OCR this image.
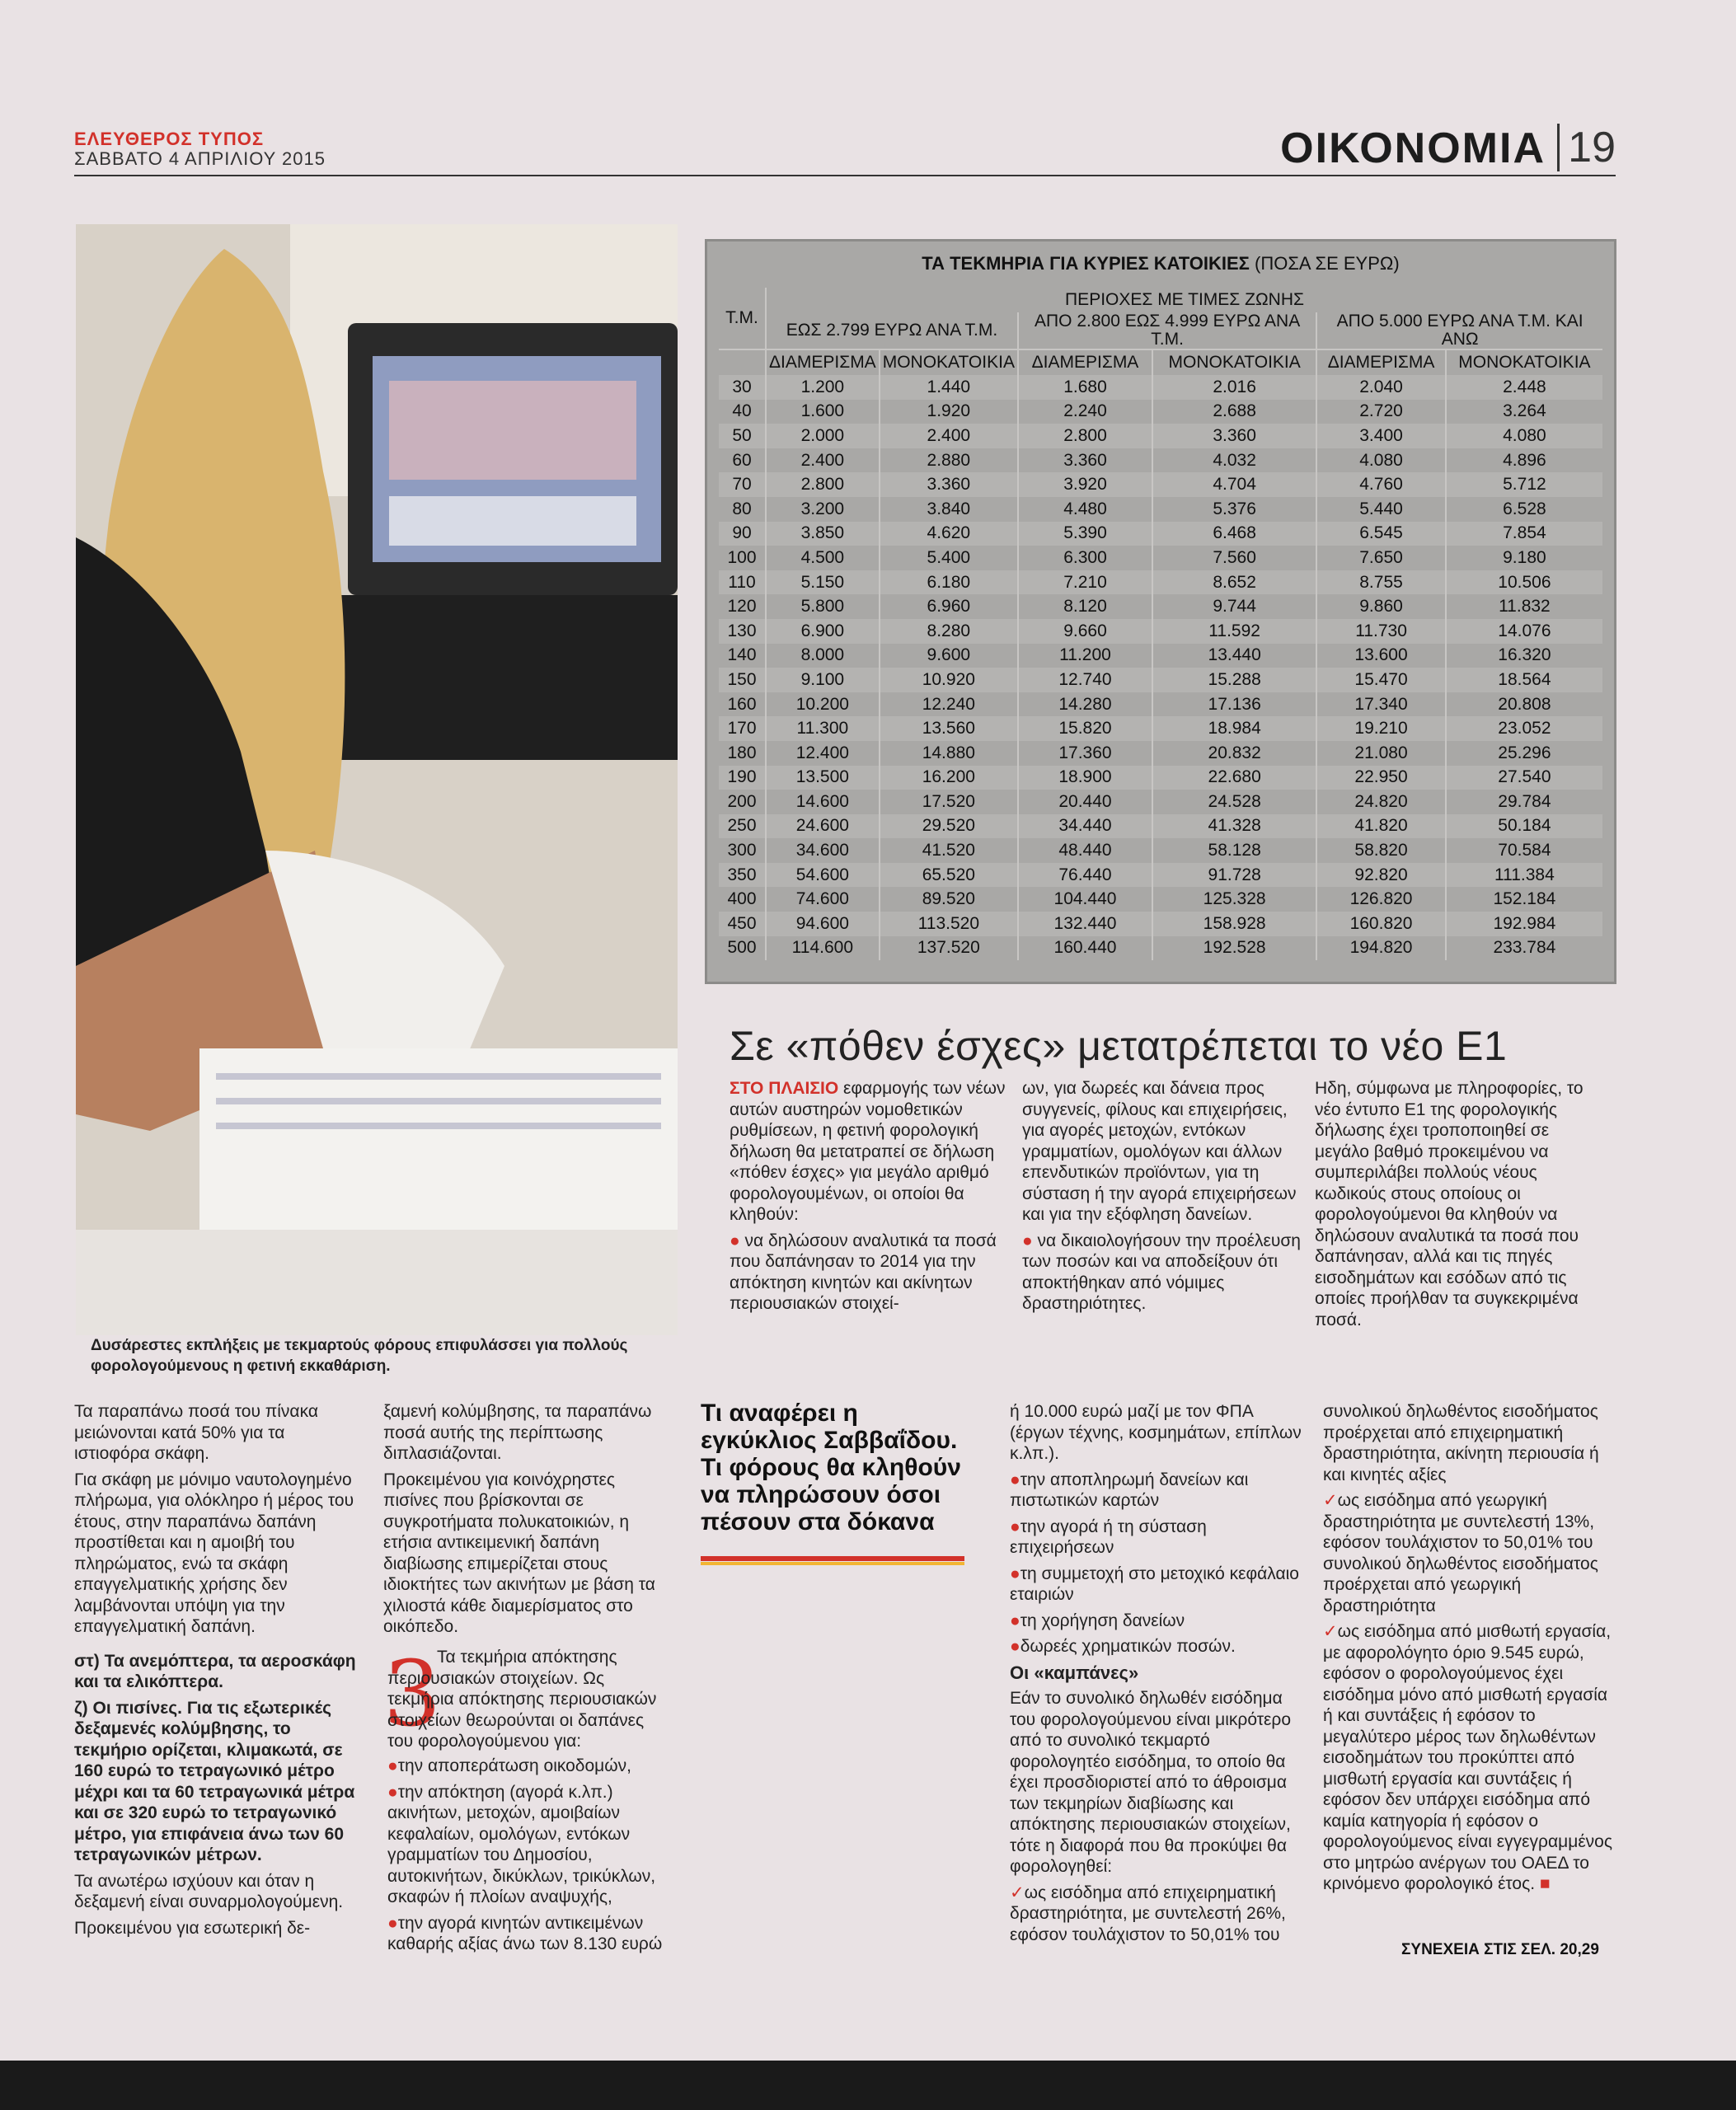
ΕΛΕΥΘΕΡΟΣ ΤΥΠΟΣ
ΣΑΒΒΑΤΟ 4 ΑΠΡΙΛΙΟΥ 2015	ΟΙΚΟΝΟΜΙΑ 19
Δυσάρεστες εκπλήξεις με τεκμαρτούς φόρους επιφυλάσσει για πολλούς φορολογούμενους η φετινή εκκαθάριση.
ΤΑ ΤΕΚΜΗΡΙΑ ΓΙΑ ΚΥΡΙΕΣ ΚΑΤΟΙΚΙΕΣ (ΠΟΣΑ ΣΕ ΕΥΡΩ)
Τ.Μ.	ΠΕΡΙΟΧΕΣ ΜΕ ΤΙΜΕΣ ΖΩΝΗΣ					
	ΕΩΣ 2.799 ΕΥΡΩ ΑΝΑ Τ.Μ.		ΑΠΟ 2.800 ΕΩΣ 4.999 ΕΥΡΩ ΑΝΑ Τ.Μ.		ΑΠΟ 5.000 ΕΥΡΩ ΑΝΑ Τ.Μ. ΚΑΙ ΑΝΩ	
	ΔΙΑΜΕΡΙΣΜΑ	ΜΟΝΟΚΑΤΟΙΚΙΑ	ΔΙΑΜΕΡΙΣΜΑ	ΜΟΝΟΚΑΤΟΙΚΙΑ	ΔΙΑΜΕΡΙΣΜΑ	ΜΟΝΟΚΑΤΟΙΚΙΑ
30	1.200	1.440	1.680	2.016	2.040	2.448
40	1.600	1.920	2.240	2.688	2.720	3.264
50	2.000	2.400	2.800	3.360	3.400	4.080
60	2.400	2.880	3.360	4.032	4.080	4.896
70	2.800	3.360	3.920	4.704	4.760	5.712
80	3.200	3.840	4.480	5.376	5.440	6.528
90	3.850	4.620	5.390	6.468	6.545	7.854
100	4.500	5.400	6.300	7.560	7.650	9.180
110	5.150	6.180	7.210	8.652	8.755	10.506
120	5.800	6.960	8.120	9.744	9.860	11.832
130	6.900	8.280	9.660	11.592	11.730	14.076
140	8.000	9.600	11.200	13.440	13.600	16.320
150	9.100	10.920	12.740	15.288	15.470	18.564
160	10.200	12.240	14.280	17.136	17.340	20.808
170	11.300	13.560	15.820	18.984	19.210	23.052
180	12.400	14.880	17.360	20.832	21.080	25.296
190	13.500	16.200	18.900	22.680	22.950	27.540
200	14.600	17.520	20.440	24.528	24.820	29.784
250	24.600	29.520	34.440	41.328	41.820	50.184
300	34.600	41.520	48.440	58.128	58.820	70.584
350	54.600	65.520	76.440	91.728	92.820	111.384
400	74.600	89.520	104.440	125.328	126.820	152.184
450	94.600	113.520	132.440	158.928	160.820	192.984
500	114.600	137.520	160.440	192.528	194.820	233.784
Σε «πόθεν έσχες» μετατρέπεται το νέο Ε1

ΣΤΟ ΠΛΑΙΣΙΟ εφαρμογής των νέων αυτών αυστηρών νομοθετικών ρυθμίσεων, η φετινή φορολογική δήλωση θα μετατραπεί σε δήλωση «πόθεν έσχες» για μεγάλο αριθμό φορολογουμένων, οι οποίοι θα κληθούν:

● να δηλώσουν αναλυτικά τα ποσά που δαπάνησαν το 2014 για την απόκτηση κινητών και ακίνητων περιουσιακών στοιχεί-

ων, για δωρεές και δάνεια προς συγγενείς, φίλους και επιχειρήσεις, για αγορές μετοχών, εντόκων γραμματίων, ομολόγων και άλλων επενδυτικών προϊόντων, για τη σύσταση ή την αγορά επιχειρήσεων και για την εξόφληση δανείων.

● να δικαιολογήσουν την προέλευση των ποσών και να αποδείξουν ότι αποκτήθηκαν από νόμιμες δραστηριότητες.

Ηδη, σύμφωνα με πληροφορίες, το νέο έντυπο Ε1 της φορολογικής δήλωσης έχει τροποποιηθεί σε μεγάλο βαθμό προκειμένου να συμπεριλάβει πολλούς νέους κωδικούς στους οποίους οι φορολογούμενοι θα κληθούν να δηλώσουν αναλυτικά τα ποσά που δαπάνησαν, αλλά και τις πηγές εισοδημάτων και εσόδων από τις οποίες προήλθαν τα συγκεκριμένα ποσά.

Τα παραπάνω ποσά του πίνακα μειώνονται κατά 50% για τα ιστιοφόρα σκάφη.

Για σκάφη με μόνιμο ναυτολογημένο πλήρωμα, για ολόκληρο ή μέρος του έτους, στην παραπάνω δαπάνη προστίθεται και η αμοιβή του πληρώματος, ενώ τα σκάφη επαγγελματικής χρήσης δεν λαμβάνονται υπόψη για την επαγγελματική δαπάνη.

στ) Τα ανεμόπτερα, τα αεροσκάφη και τα ελικόπτερα.

ζ) Οι πισίνες. Για τις εξωτερικές δεξαμενές κολύμβησης, το τεκμήριο ορίζεται, κλιμακωτά, σε 160 ευρώ το τετραγωνικό μέτρο μέχρι και τα 60 τετραγωνικά μέτρα και σε 320 ευρώ το τετραγωνικό μέτρο, για επιφάνεια άνω των 60 τετραγωνικών μέτρων.

Τα ανωτέρω ισχύουν και όταν η δεξαμενή είναι συναρμολογούμενη.

Προκειμένου για εσωτερική δε-

ξαμενή κολύμβησης, τα παραπάνω ποσά αυτής της περίπτωσης διπλασιάζονται.

Προκειμένου για κοινόχρηστες πισίνες που βρίσκονται σε συγκροτήματα πολυκατοικιών, η ετήσια αντικειμενική δαπάνη διαβίωσης επιμερίζεται στους ιδιοκτήτες των ακινήτων με βάση τα χιλιοστά κάθε διαμερίσματος στο οικόπεδο.

3

Τα τεκμήρια απόκτησης περιουσιακών στοιχείων. Ως τεκμήρια απόκτησης περιουσιακών στοιχείων θεωρούνται οι δαπάνες του φορολογούμενου για:

●την αποπεράτωση οικοδομών,

●την απόκτηση (αγορά κ.λπ.) ακινήτων, μετοχών, αμοιβαίων κεφαλαίων, ομολόγων, εντόκων γραμματίων του Δημοσίου, αυτοκινήτων, δικύκλων, τρικύκλων, σκαφών ή πλοίων αναψυχής,

●την αγορά κινητών αντικειμένων καθαρής αξίας άνω των 8.130 ευρώ

Τι αναφέρει η εγκύκλιος Σαββαΐδου. Τι φόρους θα κληθούν να πληρώσουν όσοι πέσουν στα δόκανα

ή 10.000 ευρώ μαζί με τον ΦΠΑ (έργων τέχνης, κοσμημάτων, επίπλων κ.λπ.).

●την αποπληρωμή δανείων και πιστωτικών καρτών

●την αγορά ή τη σύσταση επιχειρήσεων

●τη συμμετοχή στο μετοχικό κεφάλαιο εταιριών

●τη χορήγηση δανείων

●δωρεές χρηματικών ποσών.

Οι «καμπάνες»

Εάν το συνολικό δηλωθέν εισόδημα του φορολογούμενου είναι μικρότερο από το συνολικό τεκμαρτό φορολογητέο εισόδημα, το οποίο θα έχει προσδιοριστεί από το άθροισμα των τεκμηρίων διαβίωσης και απόκτησης περιουσιακών στοιχείων, τότε η διαφορά που θα προκύψει θα φορολογηθεί:

✓ως εισόδημα από επιχειρηματική δραστηριότητα, με συντελεστή 26%, εφόσον τουλάχιστον το 50,01% του

συνολικού δηλωθέντος εισοδήματος προέρχεται από επιχειρηματική δραστηριότητα, ακίνητη περιουσία ή και κινητές αξίες

✓ως εισόδημα από γεωργική δραστηριότητα με συντελεστή 13%, εφόσον τουλάχιστον το 50,01% του συνολικού δηλωθέντος εισοδήματος προέρχεται από γεωργική δραστηριότητα

✓ως εισόδημα από μισθωτή εργασία, με αφορολόγητο όριο 9.545 ευρώ, εφόσον ο φορολογούμενος έχει εισόδημα μόνο από μισθωτή εργασία ή και συντάξεις ή εφόσον το μεγαλύτερο μέρος των δηλωθέντων εισοδημάτων του προκύπτει από μισθωτή εργασία και συντάξεις ή εφόσον δεν υπάρχει εισόδημα από καμία κατηγορία ή εφόσον ο φορολογούμενος είναι εγγεγραμμένος στο μητρώο ανέργων του ΟΑΕΔ το κρινόμενο φορολογικό έτος. ■

ΣΥΝΕΧΕΙΑ ΣΤΙΣ ΣΕΛ. 20,29
